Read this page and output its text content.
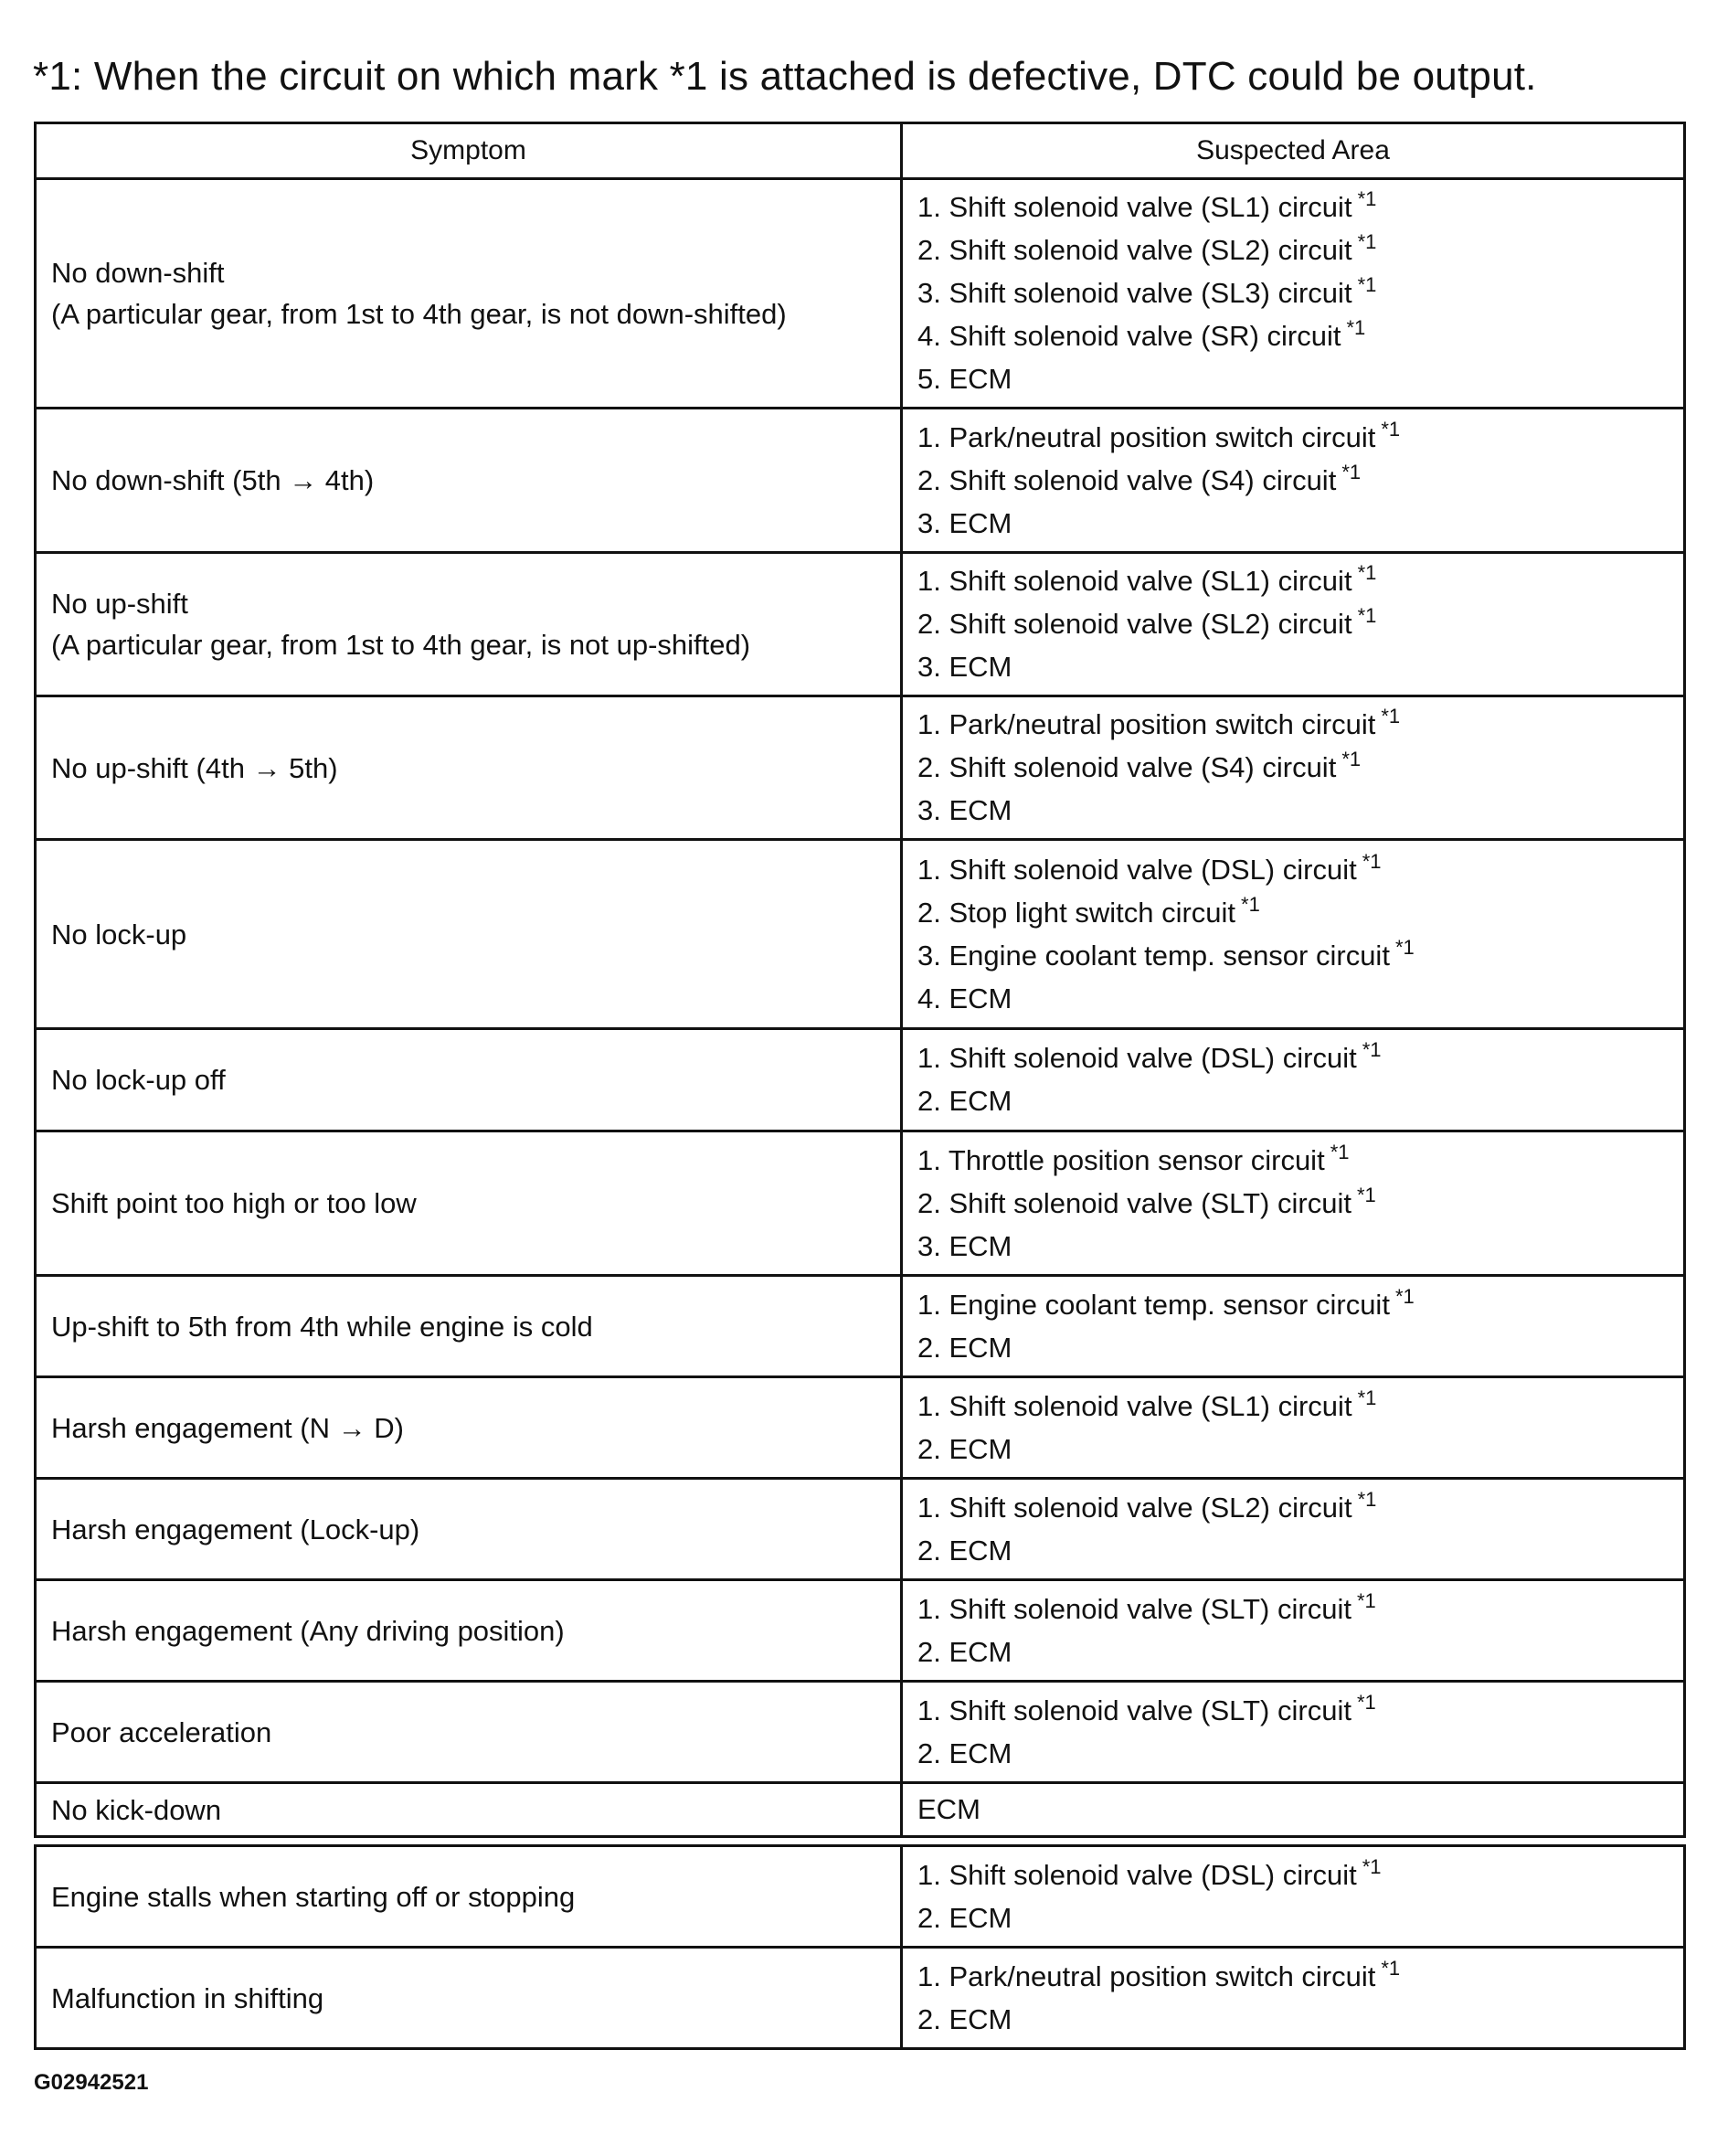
*1: When the circuit on which mark *1 is attached is defective, DTC could be output.
Symptom	Suspected Area

No down-shift
(A particular gear, from 1st to 4th gear, is not down-shifted)	1. Shift solenoid valve (SL1) circuit $^{*1}$
2. Shift solenoid valve (SL2) circuit $^{*1}$
3. Shift solenoid valve (SL3) circuit $^{*1}$
4. Shift solenoid valve (SR) circuit $^{*1}$
5. ECM

No down-shift (5th → 4th)	1. Park/neutral position switch circuit $^{*1}$
2. Shift solenoid valve (S4) circuit $^{*1}$
3. ECM

No up-shift
(A particular gear, from 1st to 4th gear, is not up-shifted)	1. Shift solenoid valve (SL1) circuit $^{*1}$
2. Shift solenoid valve (SL2) circuit $^{*1}$
3. ECM

No up-shift (4th → 5th)	1. Park/neutral position switch circuit $^{*1}$
2. Shift solenoid valve (S4) circuit $^{*1}$
3. ECM

No lock-up	1. Shift solenoid valve (DSL) circuit $^{*1}$
2. Stop light switch circuit $^{*1}$
3. Engine coolant temp. sensor circuit $^{*1}$
4. ECM

No lock-up off	1. Shift solenoid valve (DSL) circuit $^{*1}$
2. ECM

Shift point too high or too low	1. Throttle position sensor circuit $^{*1}$
2. Shift solenoid valve (SLT) circuit $^{*1}$
3. ECM

Up-shift to 5th from 4th while engine is cold	1. Engine coolant temp. sensor circuit $^{*1}$
2. ECM

Harsh engagement (N → D)	1. Shift solenoid valve (SL1) circuit $^{*1}$
2. ECM

Harsh engagement (Lock-up)	1. Shift solenoid valve (SL2) circuit $^{*1}$
2. ECM

Harsh engagement (Any driving position)	1. Shift solenoid valve (SLT) circuit $^{*1}$
2. ECM

Poor acceleration	1. Shift solenoid valve (SLT) circuit $^{*1}$
2. ECM

No kick-down	ECM
Engine stalls when starting off or stopping	1. Shift solenoid valve (DSL) circuit $^{*1}$
2. ECM

Malfunction in shifting	1. Park/neutral position switch circuit $^{*1}$
2. ECM
G02942521
